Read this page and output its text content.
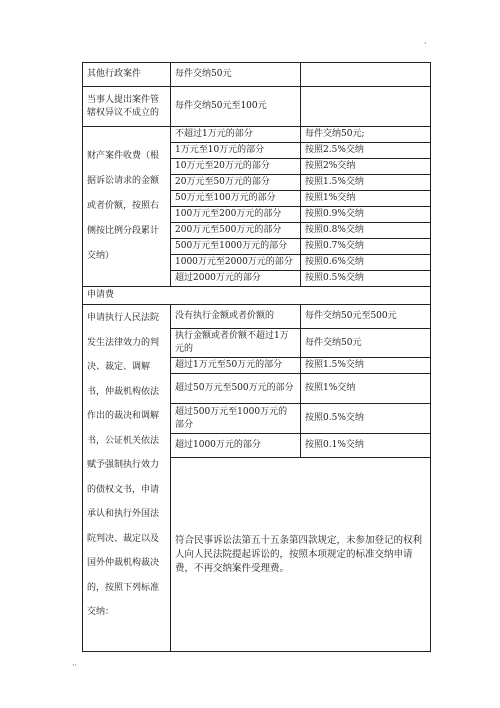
·
··
其他行政案件	每件交纳50元	
当事人提出案件管辖权异议不成立的	每件交纳50元至100元	
财产案件收费（根据诉讼请求的金额或者价额，按照右侧按比例分段累计交纳）	不超过1万元的部分	每件交纳50元;
	1万元至10万元的部分	按照2.5%交纳
	10万元至20万元的部分	按照2%交纳
	20万元至50万元的部分	按照1.5%交纳
	50万元至100万元的部分	按照1%交纳
	100万元至200万元的部分	按照0.9%交纳
	200万元至500万元的部分	按照0.8%交纳
	500万元至1000万元的部分	按照0.7%交纳
	1000万元至2000万元的部分	按照0.6%交纳
	超过2000万元的部分	按照0.5%交纳
申请费		
申请执行人民法院发生法律效力的判决、裁定、调解书，仲裁机构依法作出的裁决和调解书，公证机关依法赋予强制执行效力的债权文书，申请承认和执行外国法院判决、裁定以及国外仲裁机构裁决的，按照下列标准交纳：	没有执行金额或者价额的	每件交纳50元至500元
	执行金额或者价额不超过1万元的	每件交纳50元
	超过1万元至50万元的部分	按照1.5%交纳
	超过50万元至500万元的部分	按照1%交纳
	超过500万元至1000万元的部分	按照0.5%交纳
	超过1000万元的部分	按照0.1%交纳
	符合民事诉讼法第五十五条第四款规定，未参加登记的权利人向人民法院提起诉讼的，按照本项规定的标准交纳申请费，不再交纳案件受理费。	
